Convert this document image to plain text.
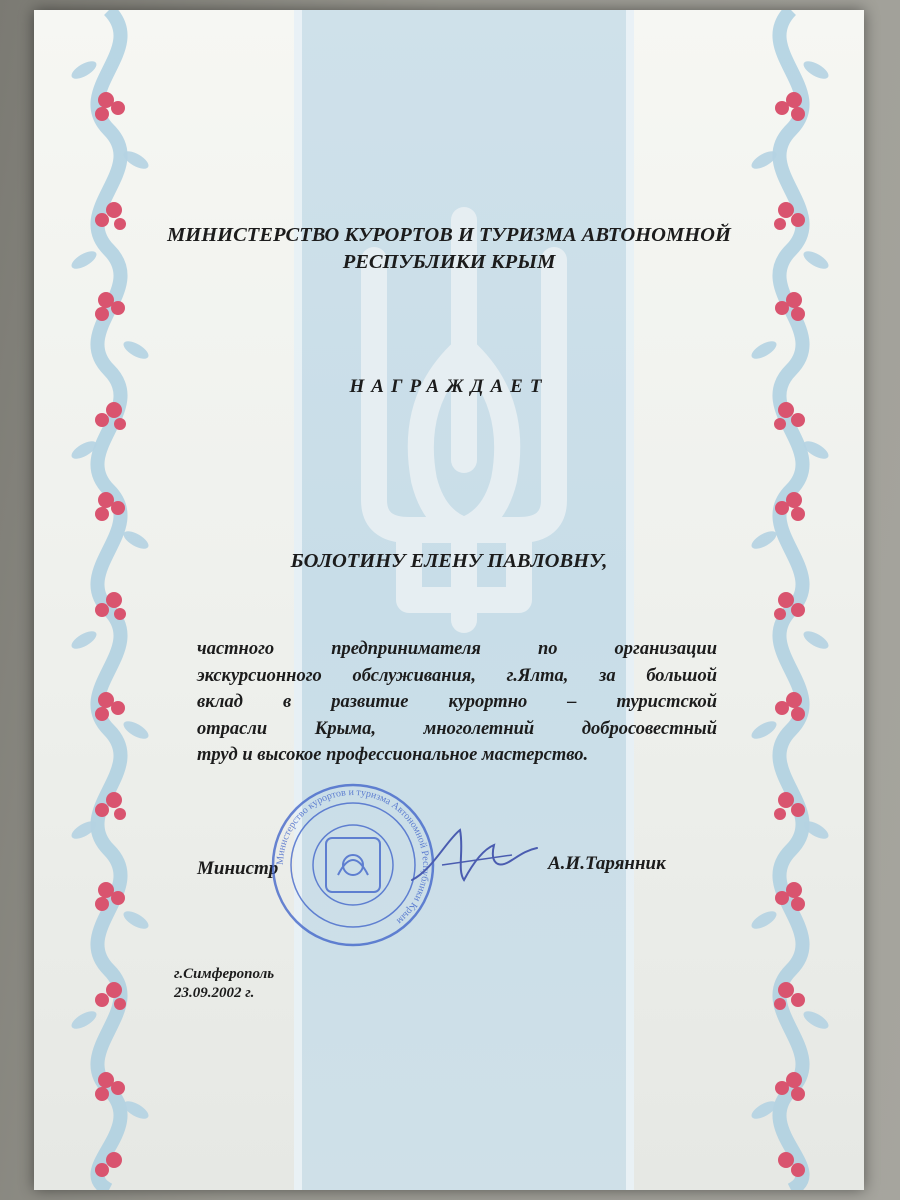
МИНИСТЕРСТВО КУРОРТОВ И ТУРИЗМА АВТОНОМНОЙ
РЕСПУБЛИКИ КРЫМ
НАГРАЖДАЕТ
БОЛОТИНУ ЕЛЕНУ ПАВЛОВНУ,
частного предпринимателя по организации
экскурсионного обслуживания, г.Ялта, за большой
вклад в развитие курортно – туристской
отрасли Крыма, многолетний добросовестный
труд и высокое профессиональное мастерство.
Министр	А.И.Тарянник
г.Симферополь
23.09.2002 г.
Министерство курортов и туризма Автономной Республики Крым
